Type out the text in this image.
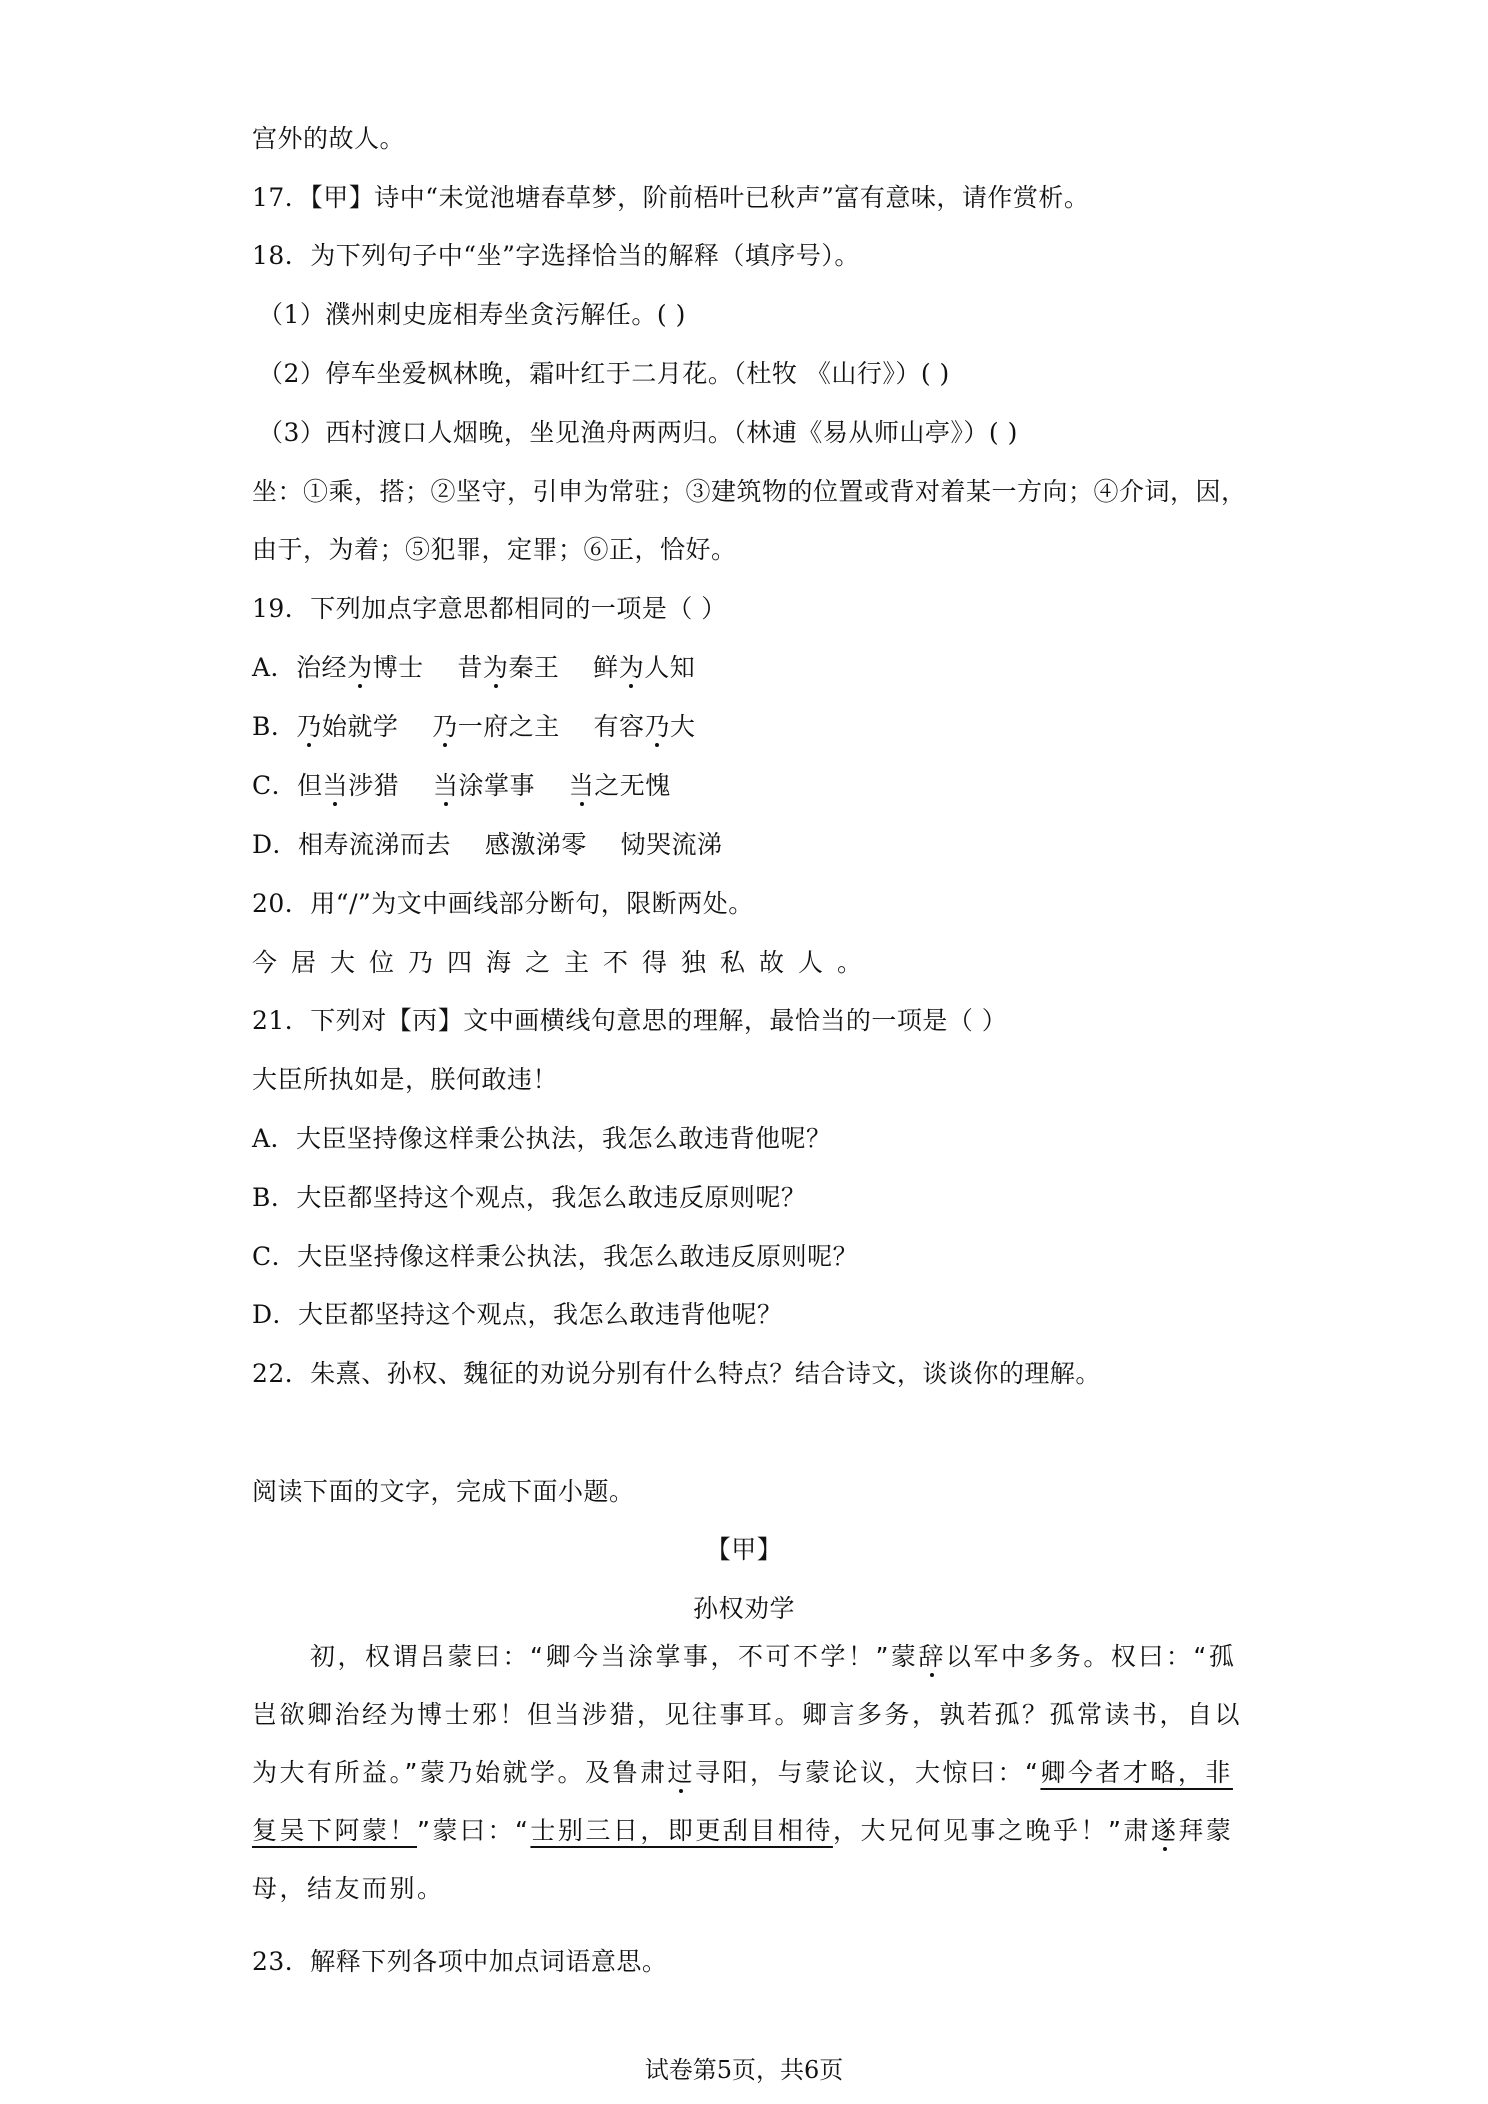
宫外的故人。
17．【甲】诗中“未觉池塘春草梦，阶前梧叶已秋声”富有意味，请作赏析。
18．为下列句子中“坐”字选择恰当的解释（填序号）。
（1）濮州刺史庞相寿坐贪污解任。( )
（2）停车坐爱枫林晚，霜叶红于二月花。（杜牧 《山行》）( )
（3）西村渡口人烟晚，坐见渔舟两两归。（林逋《易从师山亭》）( )
坐：①乘，搭；②坚守，引申为常驻；③建筑物的位置或背对着某一方向；④介词，因，
由于，为着；⑤犯罪，定罪；⑥正，恰好。
19．下列加点字意思都相同的一项是（ ）
A．治经为博士    昔为秦王    鲜为人知
B．乃始就学    乃一府之主    有容乃大
C．但当涉猎    当涂掌事    当之无愧
D．相寿流涕而去    感激涕零    恸哭流涕
20．用“/”为文中画线部分断句，限断两处。
今居大位乃四海之主不得独私故人。
21．下列对【丙】文中画横线句意思的理解，最恰当的一项是（ ）
大臣所执如是，朕何敢违！
A．大臣坚持像这样秉公执法，我怎么敢违背他呢？
B．大臣都坚持这个观点，我怎么敢违反原则呢？
C．大臣坚持像这样秉公执法，我怎么敢违反原则呢？
D．大臣都坚持这个观点，我怎么敢违背他呢？
22．朱熹、孙权、魏征的劝说分别有什么特点？结合诗文，谈谈你的理解。
阅读下面的文字，完成下面小题。
【甲】
孙权劝学
初，权谓吕蒙曰：“卿今当涂掌事，不可不学！”蒙辞以军中多务。权曰：“孤岂欲卿治经为博士邪！但当涉猎，见往事耳。卿言多务，孰若孤？孤常读书，自以为大有所益。”蒙乃始就学。及鲁肃过寻阳，与蒙论议，大惊曰：“卿今者才略，非复吴下阿蒙！”蒙曰：“士别三日，即更刮目相待，大兄何见事之晚乎！”肃遂拜蒙母，结友而别。
23．解释下列各项中加点词语意思。
试卷第5页，共6页
